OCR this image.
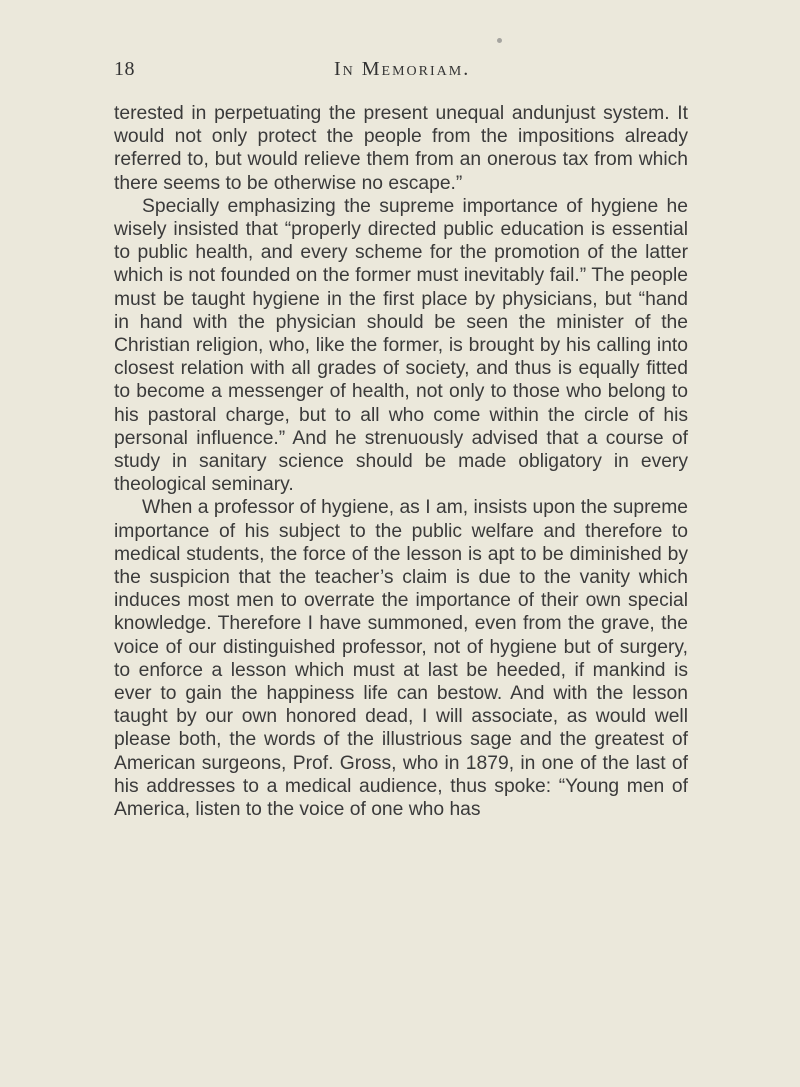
18	In Memoriam.

terested in perpetuating the present unequal andunjust system. It would not only protect the people from the impositions already referred to, but would relieve them from an onerous tax from which there seems to be otherwise no escape.”

Specially emphasizing the supreme importance of hygiene he wisely insisted that “properly directed public education is essential to public health, and every scheme for the promotion of the latter which is not founded on the former must inevitably fail.” The people must be taught hygiene in the first place by physicians, but “hand in hand with the physician should be seen the minister of the Christian religion, who, like the former, is brought by his calling into closest relation with all grades of society, and thus is equally fitted to become a messenger of health, not only to those who belong to his pastoral charge, but to all who come within the circle of his personal influence.” And he strenuously advised that a course of study in sanitary science should be made obligatory in every theological seminary.

When a professor of hygiene, as I am, insists upon the supreme importance of his subject to the public welfare and therefore to medical students, the force of the lesson is apt to be diminished by the suspicion that the teacher’s claim is due to the vanity which induces most men to overrate the importance of their own special knowledge. Therefore I have summoned, even from the grave, the voice of our distinguished professor, not of hygiene but of surgery, to enforce a lesson which must at last be heeded, if mankind is ever to gain the happiness life can bestow. And with the lesson taught by our own honored dead, I will associate, as would well please both, the words of the illustrious sage and the greatest of American surgeons, Prof. Gross, who in 1879, in one of the last of his addresses to a medical audience, thus spoke: “Young men of America, listen to the voice of one who has
